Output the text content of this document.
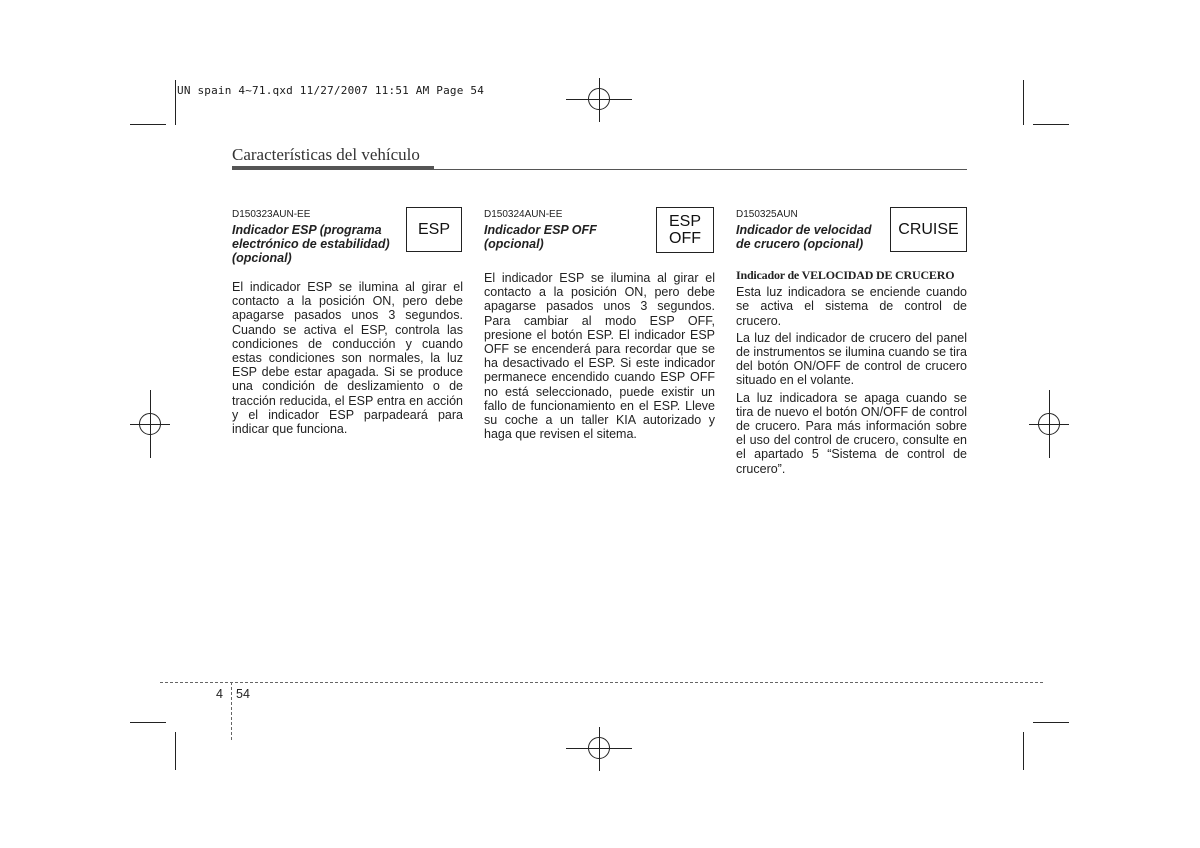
UN spain 4~71.qxd 11/27/2007 11:51 AM Page 54
Características del vehículo
D150323AUN-EE
Indicador ESP (programa
electrónico de estabilidad)
(opcional)
ESP

El indicador ESP se ilumina al girar el contacto a la posición ON, pero debe apagarse pasados unos 3 segundos. Cuando se activa el ESP, controla las condiciones de conducción y cuando estas condiciones son normales, la luz ESP debe estar apagada. Si se produce una condición de deslizamiento o de tracción reducida, el ESP entra en acción y el indicador ESP parpadeará para indicar que funciona.

D150324AUN-EE
Indicador ESP OFF
(opcional)
ESP
OFF

El indicador ESP se ilumina al girar el contacto a la posición ON, pero debe apagarse pasados unos 3 segundos. Para cambiar al modo ESP OFF, presione el botón ESP. El indicador ESP OFF se encenderá para recordar que se ha desactivado el ESP. Si este indicador permanece encendido cuando ESP OFF no está seleccionado, puede existir un fallo de funcionamiento en el ESP. Lleve su coche a un taller KIA autorizado y haga que revisen el sitema.

D150325AUN
Indicador de velocidad
de crucero (opcional)
CRUISE
Indicador de VELOCIDAD DE CRUCERO

Esta luz indicadora se enciende cuando se activa el sistema de control de crucero.

La luz del indicador de crucero del panel de instrumentos se ilumina cuando se tira del botón ON/OFF de control de crucero situado en el volante.

La luz indicadora se apaga cuando se tira de nuevo el botón ON/OFF de control de crucero. Para más información sobre el uso del control de crucero, consulte en el apartado 5 “Sistema de control de crucero”.

4 54
